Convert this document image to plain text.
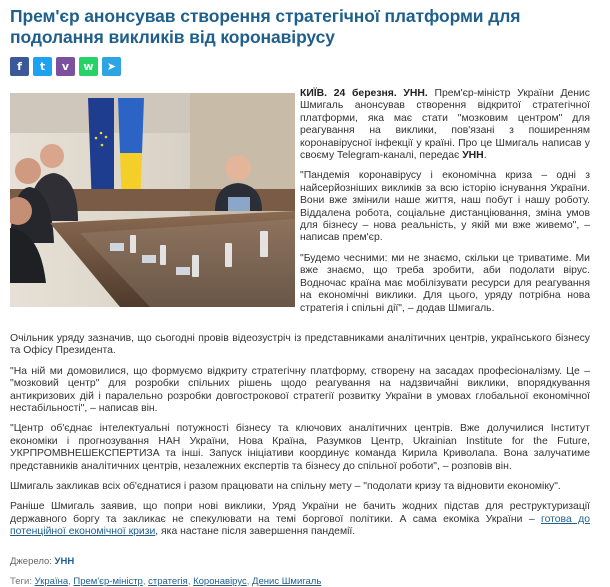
Прем'єр анонсував створення стратегічної платформи для подолання викликів від коронавірусу
f	t	v	w	➤

КИЇВ. 24 березня. УНН. Прем'єр-міністр України Денис Шмигаль анонсував створення відкритої стратегічної платформи, яка має стати "мозковим центром" для реагування на виклики, пов'язані з поширенням коронавірусної інфекції у країні. Про це Шмигаль написав у своєму Telegram-каналі, передає УНН.

"Пандемія коронавірусу і економічна криза – одні з найсерйозніших викликів за всю історію існування України. Вони вже змінили наше життя, наш побут і нашу роботу. Віддалена робота, соціальне дистанціювання, зміна умов для бізнесу – нова реальність, у якій ми вже живемо", – написав прем'єр.

"Будемо чесними: ми не знаємо, скільки це триватиме. Ми вже знаємо, що треба зробити, аби подолати вірус. Водночас країна має мобілізувати ресурси для реагування на економічні виклики. Для цього, уряду потрібна нова стратегія і спільні дії", – додав Шмигаль.

Очільник уряду зазначив, що сьогодні провів відеозустріч із представниками аналітичних центрів, українського бізнесу та Офісу Президента.

"На ній ми домовилися, що формуємо відкриту стратегічну платформу, створену на засадах професіоналізму. Це – "мозковий центр" для розробки спільних рішень щодо реагування на надзвичайні виклики, впорядкування антикризових дій і паралельно розробки довгострокової стратегії розвитку України в умовах глобальної економічної нестабільності", – написав він.

"Центр об'єднає інтелектуальні потужності бізнесу та ключових аналітичних центрів. Вже долучилися Інститут економіки і прогнозування НАН України, Нова Країна, Разумков Центр, Ukrainian Institute for the Future, УКРПРОМВНЕШЕКСПЕРТИЗА та інші. Запуск ініціативи координує команда Кирила Криволапа. Вона залучатиме представників аналітичних центрів, незалежних експертів та бізнесу до спільної роботи", – розповів він.

Шмигаль закликав всіх об'єднатися і разом працювати на спільну мету – "подолати кризу та відновити економіку".

Раніше Шмигаль заявив, що попри нові виклики, Уряд України не бачить жодних підстав для реструктуризації державного боргу та закликає не спекулювати на темі боргової політики. А сама екоміка України – готова до потенційної економічної кризи, яка настане після завершення пандемії.

Джерело: УНН
Теги: Україна, Прем'єр-міністр, стратегія, Коронавірус, Денис Шмигаль
